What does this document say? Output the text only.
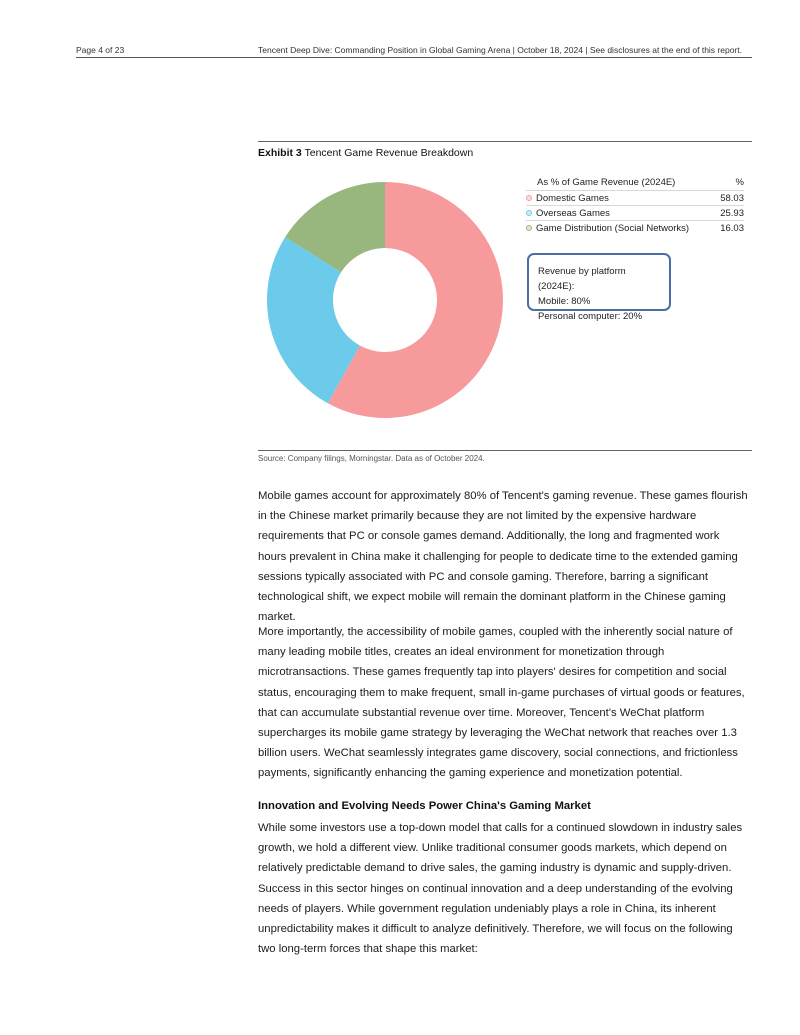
Page 4 of 23	Tencent Deep Dive: Commanding Position in Global Gaming Arena | October 18, 2024 | See disclosures at the end of this report.
Exhibit 3 Tencent Game Revenue Breakdown
As % of Game Revenue (2024E)	%
Domestic Games	58.03
Overseas Games	25.93
Game Distribution (Social Networks)	16.03
Revenue by platform (2024E):
Mobile: 80%
Personal computer: 20%
Source: Company filings, Morningstar. Data as of October 2024.

Mobile games account for approximately 80% of Tencent's gaming revenue. These games flourish in the Chinese market primarily because they are not limited by the expensive hardware requirements that PC or console games demand. Additionally, the long and fragmented work hours prevalent in China make it challenging for people to dedicate time to the extended gaming sessions typically associated with PC and console gaming. Therefore, barring a significant technological shift, we expect mobile will remain the dominant platform in the Chinese gaming market.

More importantly, the accessibility of mobile games, coupled with the inherently social nature of many leading mobile titles, creates an ideal environment for monetization through microtransactions. These games frequently tap into players' desires for competition and social status, encouraging them to make frequent, small in-game purchases of virtual goods or features, that can accumulate substantial revenue over time. Moreover, Tencent's WeChat platform supercharges its mobile game strategy by leveraging the WeChat network that reaches over 1.3 billion users. WeChat seamlessly integrates game discovery, social connections, and frictionless payments, significantly enhancing the gaming experience and monetization potential.

Innovation and Evolving Needs Power China's Gaming Market

While some investors use a top-down model that calls for a continued slowdown in industry sales growth, we hold a different view. Unlike traditional consumer goods markets, which depend on relatively predictable demand to drive sales, the gaming industry is dynamic and supply-driven. Success in this sector hinges on continual innovation and a deep understanding of the evolving needs of players. While government regulation undeniably plays a role in China, its inherent unpredictability makes it difficult to analyze definitively. Therefore, we will focus on the following two long-term forces that shape this market:
